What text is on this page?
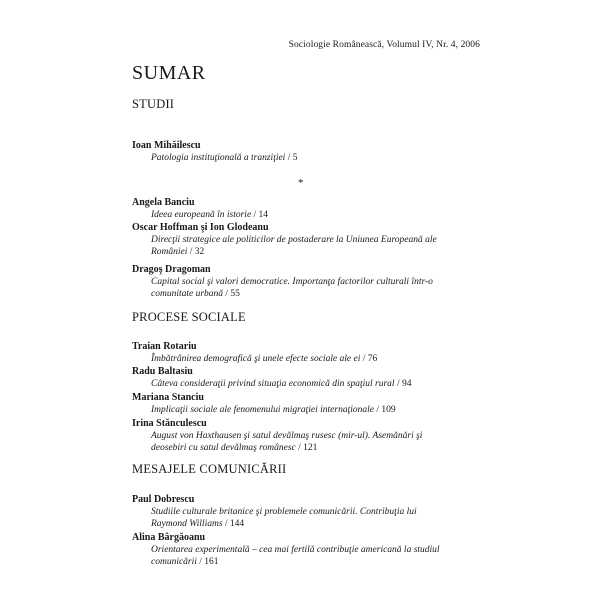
Sociologie Românească, Volumul IV, Nr. 4, 2006
SUMAR
STUDII
Ioan Mihăilescu
Patologia instituţională a tranziţiei / 5
*
Angela Banciu
Ideea europeană în istorie / 14
Oscar Hoffman şi Ion Glodeanu
Direcţii strategice ale politicilor de postaderare la Uniunea Europeană ale României / 32
Dragoş Dragoman
Capital social şi valori democratice. Importanţa factorilor culturali într-o comunitate urbană / 55
PROCESE SOCIALE
Traian Rotariu
Îmbătrânirea demografică şi unele efecte sociale ale ei / 76
Radu Baltasiu
Câteva consideraţii privind situaţia economică din spaţiul rural / 94
Mariana Stanciu
Implicaţii sociale ale fenomenului migraţiei internaţionale / 109
Irina Stănculescu
August von Haxthausen şi satul devălmaş rusesc (mir-ul). Asemănări şi deosebiri cu satul devălmaş românesc / 121
MESAJELE COMUNICĂRII
Paul Dobrescu
Studiile culturale britanice şi problemele comunicării. Contribuţia lui Raymond Williams / 144
Alina Bârgăoanu
Orientarea experimentală – cea mai fertilă contribuţie americană la studiul comunicării / 161
